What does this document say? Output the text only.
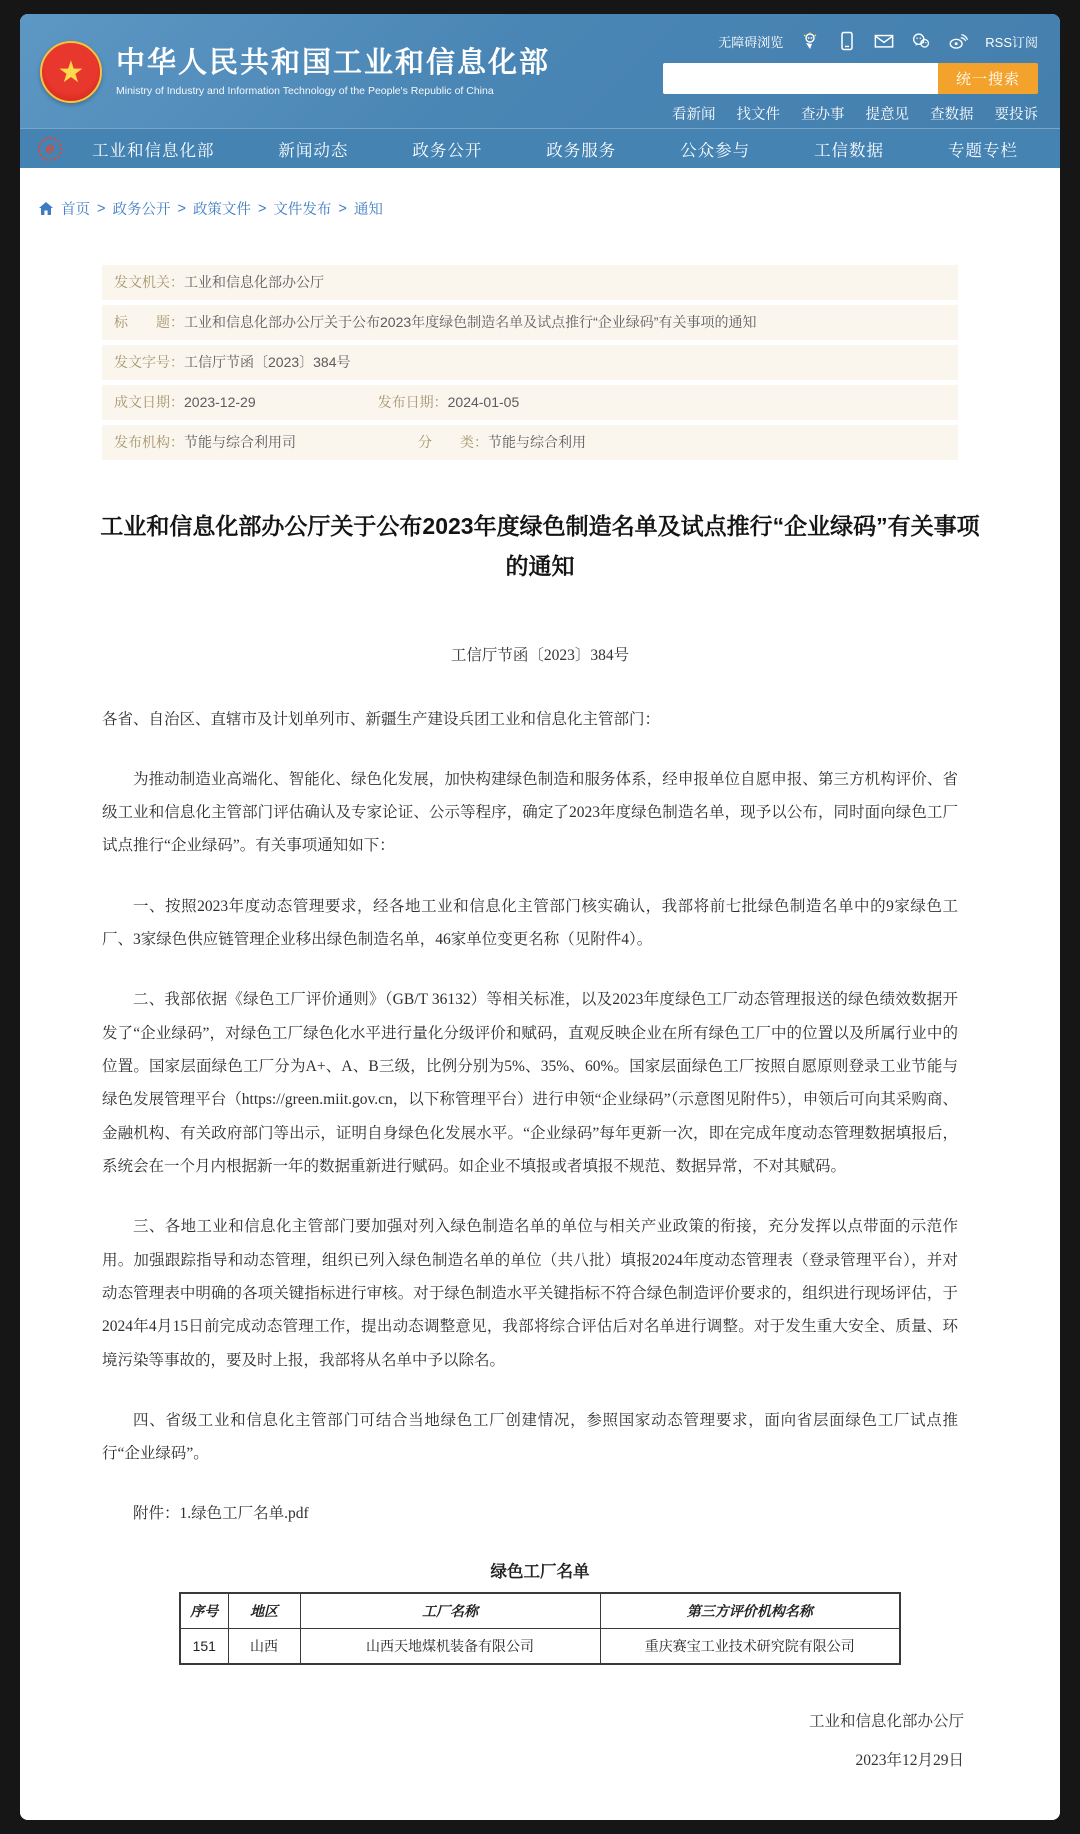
★	中华人民共和国工业和信息化部
Ministry of Industry and Information Technology of the People's Republic of China
无障碍浏览	RSS订阅
统一搜索
看新闻 找文件 查办事 提意见 查数据 要投诉
e	工业和信息化部	新闻动态	政务公开	政务服务	公众参与	工信数据	专题专栏
首页 > 政务公开 > 政策文件 > 文件发布 > 通知
发文机关： 工业和信息化部办公厅
标　　题： 工业和信息化部办公厅关于公布2023年度绿色制造名单及试点推行“企业绿码”有关事项的通知
发文字号： 工信厅节函〔2023〕384号
成文日期： 2023-12-29	发布日期： 2024-01-05
发布机构： 节能与综合利用司	分　　类： 节能与综合利用
工业和信息化部办公厅关于公布2023年度绿色制造名单及试点推行“企业绿码”有关事项的通知
工信厅节函〔2023〕384号

各省、自治区、直辖市及计划单列市、新疆生产建设兵团工业和信息化主管部门：

为推动制造业高端化、智能化、绿色化发展，加快构建绿色制造和服务体系，经申报单位自愿申报、第三方机构评价、省级工业和信息化主管部门评估确认及专家论证、公示等程序，确定了2023年度绿色制造名单，现予以公布，同时面向绿色工厂试点推行“企业绿码”。有关事项通知如下：

一、按照2023年度动态管理要求，经各地工业和信息化主管部门核实确认，我部将前七批绿色制造名单中的9家绿色工厂、3家绿色供应链管理企业移出绿色制造名单，46家单位变更名称（见附件4）。

二、我部依据《绿色工厂评价通则》（GB/T 36132）等相关标准，以及2023年度绿色工厂动态管理报送的绿色绩效数据开发了“企业绿码”，对绿色工厂绿色化水平进行量化分级评价和赋码，直观反映企业在所有绿色工厂中的位置以及所属行业中的位置。国家层面绿色工厂分为A+、A、B三级，比例分别为5%、35%、60%。国家层面绿色工厂按照自愿原则登录工业节能与绿色发展管理平台（https://green.miit.gov.cn，以下称管理平台）进行申领“企业绿码”（示意图见附件5），申领后可向其采购商、金融机构、有关政府部门等出示，证明自身绿色化发展水平。“企业绿码”每年更新一次，即在完成年度动态管理数据填报后，系统会在一个月内根据新一年的数据重新进行赋码。如企业不填报或者填报不规范、数据异常，不对其赋码。

三、各地工业和信息化主管部门要加强对列入绿色制造名单的单位与相关产业政策的衔接，充分发挥以点带面的示范作用。加强跟踪指导和动态管理，组织已列入绿色制造名单的单位（共八批）填报2024年度动态管理表（登录管理平台），并对动态管理表中明确的各项关键指标进行审核。对于绿色制造水平关键指标不符合绿色制造评价要求的，组织进行现场评估，于2024年4月15日前完成动态管理工作，提出动态调整意见，我部将综合评估后对名单进行调整。对于发生重大安全、质量、环境污染等事故的，要及时上报，我部将从名单中予以除名。

四、省级工业和信息化主管部门可结合当地绿色工厂创建情况，参照国家动态管理要求，面向省层面绿色工厂试点推行“企业绿码”。

附件：1.绿色工厂名单.pdf

绿色工厂名单
序号	地区	工厂名称	第三方评价机构名称
151	山西	山西天地煤机装备有限公司	重庆赛宝工业技术研究院有限公司
工业和信息化部办公厅
2023年12月29日
